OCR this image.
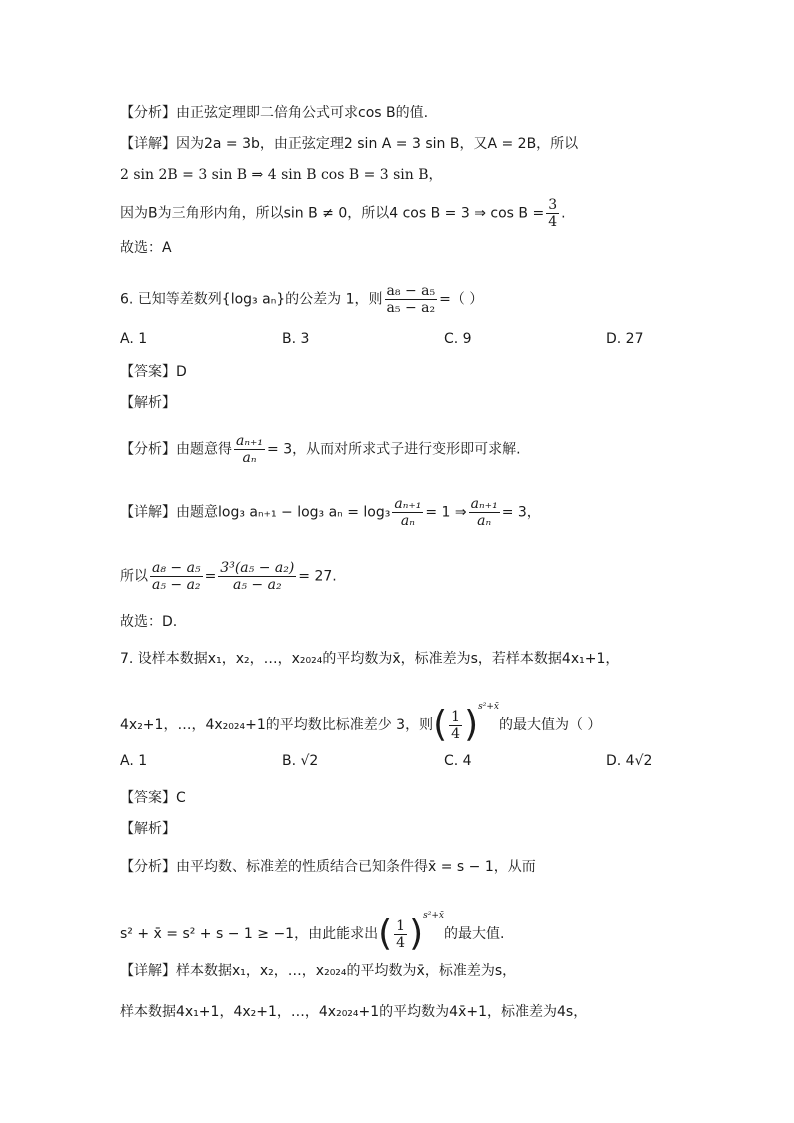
【分析】由正弦定理即二倍角公式可求cos B的值.
【详解】因为2a = 3b，由正弦定理2 sin A = 3 sin B，又A = 2B，所以
2 sin 2B = 3 sin B ⇒ 4 sin B cos B = 3 sin B，
因为B为三角形内角，所以sin B ≠ 0，所以4 cos B = 3 ⇒ $\cos B = \frac{3}{4}$ .
故选：A
6. 已知等差数列{log₃ aₙ}的公差为 1，则 $\frac{\text{a₈ − a₅}}{\text{a₅ − a₂}}$ =（ ）
A. 1	B. 3	C. 9	D. 27
【答案】D
【解析】
【分析】由题意得 $\frac{\text{aₙ₊₁}}{\text{aₙ}} = 3$，从而对所求式子进行变形即可求解.
【详解】由题意log₃ aₙ₊₁ − log₃ $a_n = \log_3 \frac{\text{aₙ₊₁}}{\text{aₙ}} = 1$ ⇒ $\frac{\text{aₙ₊₁}}{\text{aₙ}} = 3$，
所以 $\frac{\text{a₈ − a₅}}{\text{a₅ − a₂}} = \frac{\text{3³(a₅ − a₂)}}{\text{a₅ − a₂}} = 27$.
故选：D.
7. 设样本数据x₁，x₂，…，x₂₀₂₄的平均数为x̄，标准差为s，若样本数据4x₁+1，
4x₂+1，…，4x₂₀₂₄+1的平均数比标准差少 3，则( $\frac{1}{4} )^{s^2+x̄}$的最大值为（ ）
A. 1	B. √2	C. 4	D. 4√2
【答案】C
【解析】
【分析】由平均数、标准差的性质结合已知条件得x̄ = s − 1，从而
s² + x̄ = s² + s − 1 ≥ −1，由此能求出( $\frac{1}{4} )^{s^2+x̄}$的最大值.
【详解】样本数据x₁，x₂，…，x₂₀₂₄的平均数为x̄，标准差为s，
样本数据4x₁+1，4x₂+1，…，4x₂₀₂₄+1的平均数为4x̄+1，标准差为4s，
